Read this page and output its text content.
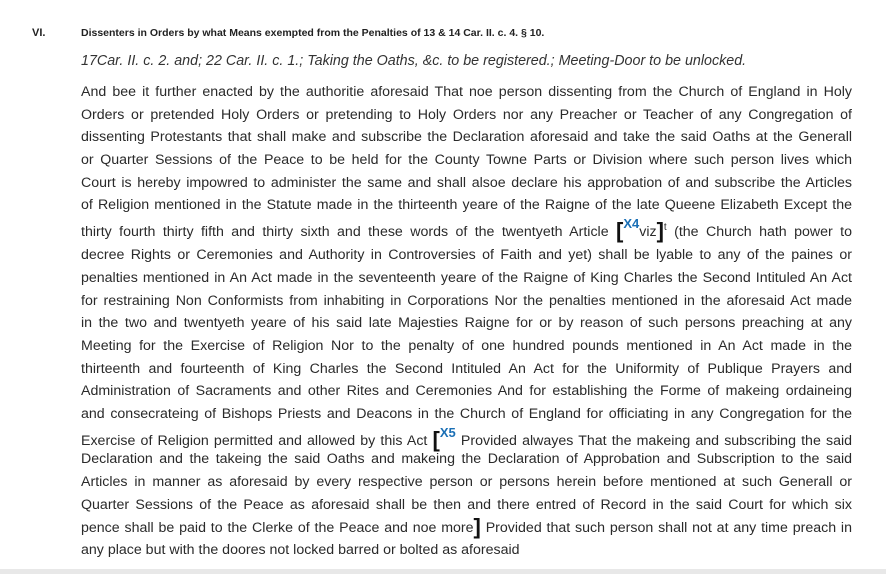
VI.	Dissenters in Orders by what Means exempted from the Penalties of 13 & 14 Car. II. c. 4. § 10.
17Car. II. c. 2. and; 22 Car. II. c. 1.; Taking the Oaths, &c. to be registered.; Meeting-Door to be unlocked.
And bee it further enacted by the authoritie aforesaid That noe person dissenting from the Church of England in Holy
Orders or pretended Holy Orders or pretending to Holy Orders nor any Preacher or Teacher of any Congregation of
dissenting Protestants that shall make and subscribe the Declaration aforesaid and take the said Oaths at the Generall
or Quarter Sessions of the Peace to be held for the County Towne Parts or Division where such person lives which
Court is hereby impowred to administer the same and shall alsoe declare his approbation of and subscribe the Articles
of Religion mentioned in the Statute made in the thirteenth yeare of the Raigne of the late Queene Elizabeth Except the
thirty fourth thirty fifth and thirty sixth and these words of the twentyeth Article $[X4viz]^t$ (the Church hath power to
decree Rights or Ceremonies and Authority in Controversies of Faith and yet) shall be lyable to any of the paines or
penalties mentioned in An Act made in the seventeenth yeare of the Raigne of King Charles the Second Intituled An Act
for restraining Non Conformists from inhabiting in Corporations Nor the penalties mentioned in the aforesaid Act made
in the two and twentyeth yeare of his said late Majesties Raigne for or by reason of such persons preaching at any
Meeting for the Exercise of Religion Nor to the penalty of one hundred pounds mentioned in An Act made in the
thirteenth and fourteenth of King Charles the Second Intituled An Act for the Uniformity of Publique Prayers and
Administration of Sacraments and other Rites and Ceremonies And for establishing the Forme of makeing ordaineing
and consecrateing of Bishops Priests and Deacons in the Church of England for officiating in any Congregation for the
Exercise of Religion permitted and allowed by this Act [X5 Provided alwayes That the makeing and subscribing the said
Declaration and the takeing the said Oaths and makeing the Declaration of Approbation and Subscription to the said
Articles in manner as aforesaid by every respective person or persons herein before mentioned at such Generall or
Quarter Sessions of the Peace as aforesaid shall be then and there entred of Record in the said Court for which six
pence shall be paid to the Clerke of the Peace and noe more] Provided that such person shall not at any time preach in
any place but with the doores not locked barred or bolted as aforesaid
